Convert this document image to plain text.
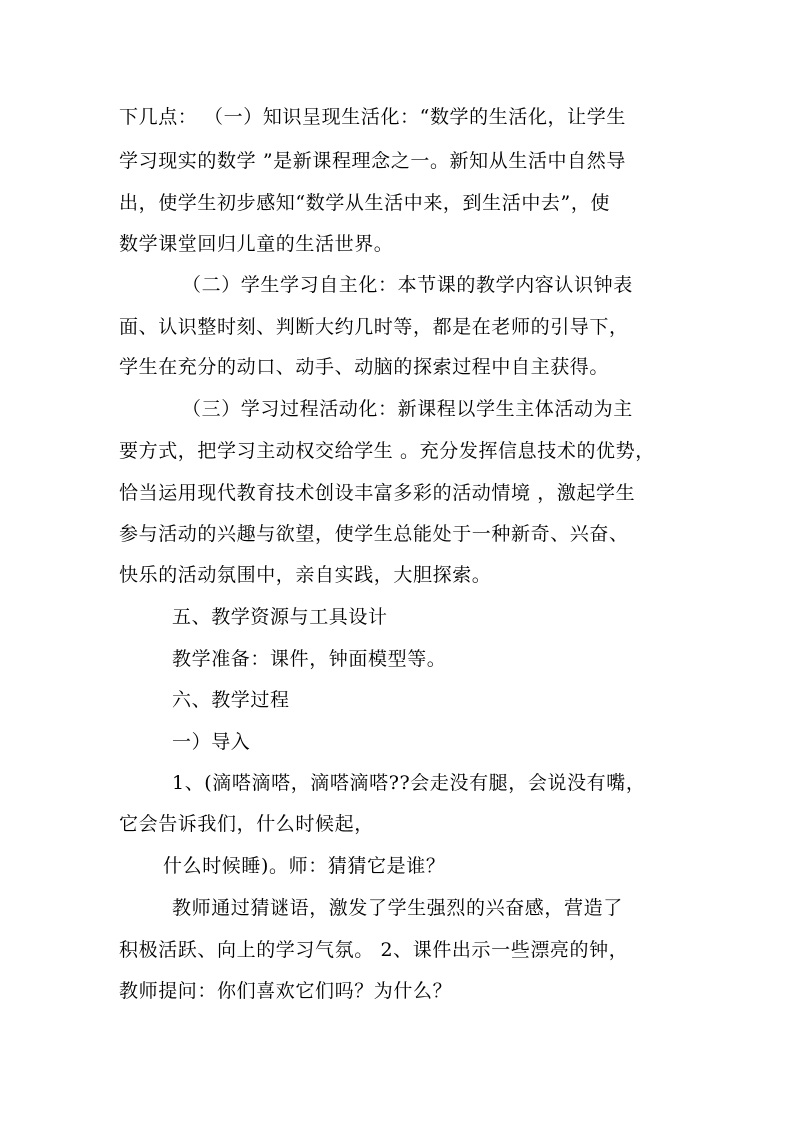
下几点： （一）知识呈现生活化：“数学的生活化，让学生
学习现实的数学 ”是新课程理念之一。新知从生活中自然导
出，使学生初步感知“数学从生活中来，到生活中去”，使
数学课堂回归儿童的生活世界。
（二）学生学习自主化：本节课的教学内容认识钟表
面、认识整时刻、判断大约几时等，都是在老师的引导下，
学生在充分的动口、动手、动脑的探索过程中自主获得。
（三）学习过程活动化：新课程以学生主体活动为主
要方式，把学习主动权交给学生 。充分发挥信息技术的优势，
恰当运用现代教育技术创设丰富多彩的活动情境 ，激起学生
参与活动的兴趣与欲望，使学生总能处于一种新奇、兴奋、
快乐的活动氛围中，亲自实践，大胆探索。
五、教学资源与工具设计
教学准备：课件，钟面模型等。
六、教学过程
一）导入
1、(滴嗒滴嗒，滴嗒滴嗒??会走没有腿，会说没有嘴，
它会告诉我们，什么时候起，
什么时候睡)。师：猜猜它是谁？
教师通过猜谜语，激发了学生强烈的兴奋感，营造了
积极活跃、向上的学习气氛。 2、课件出示一些漂亮的钟，
教师提问：你们喜欢它们吗？为什么？
